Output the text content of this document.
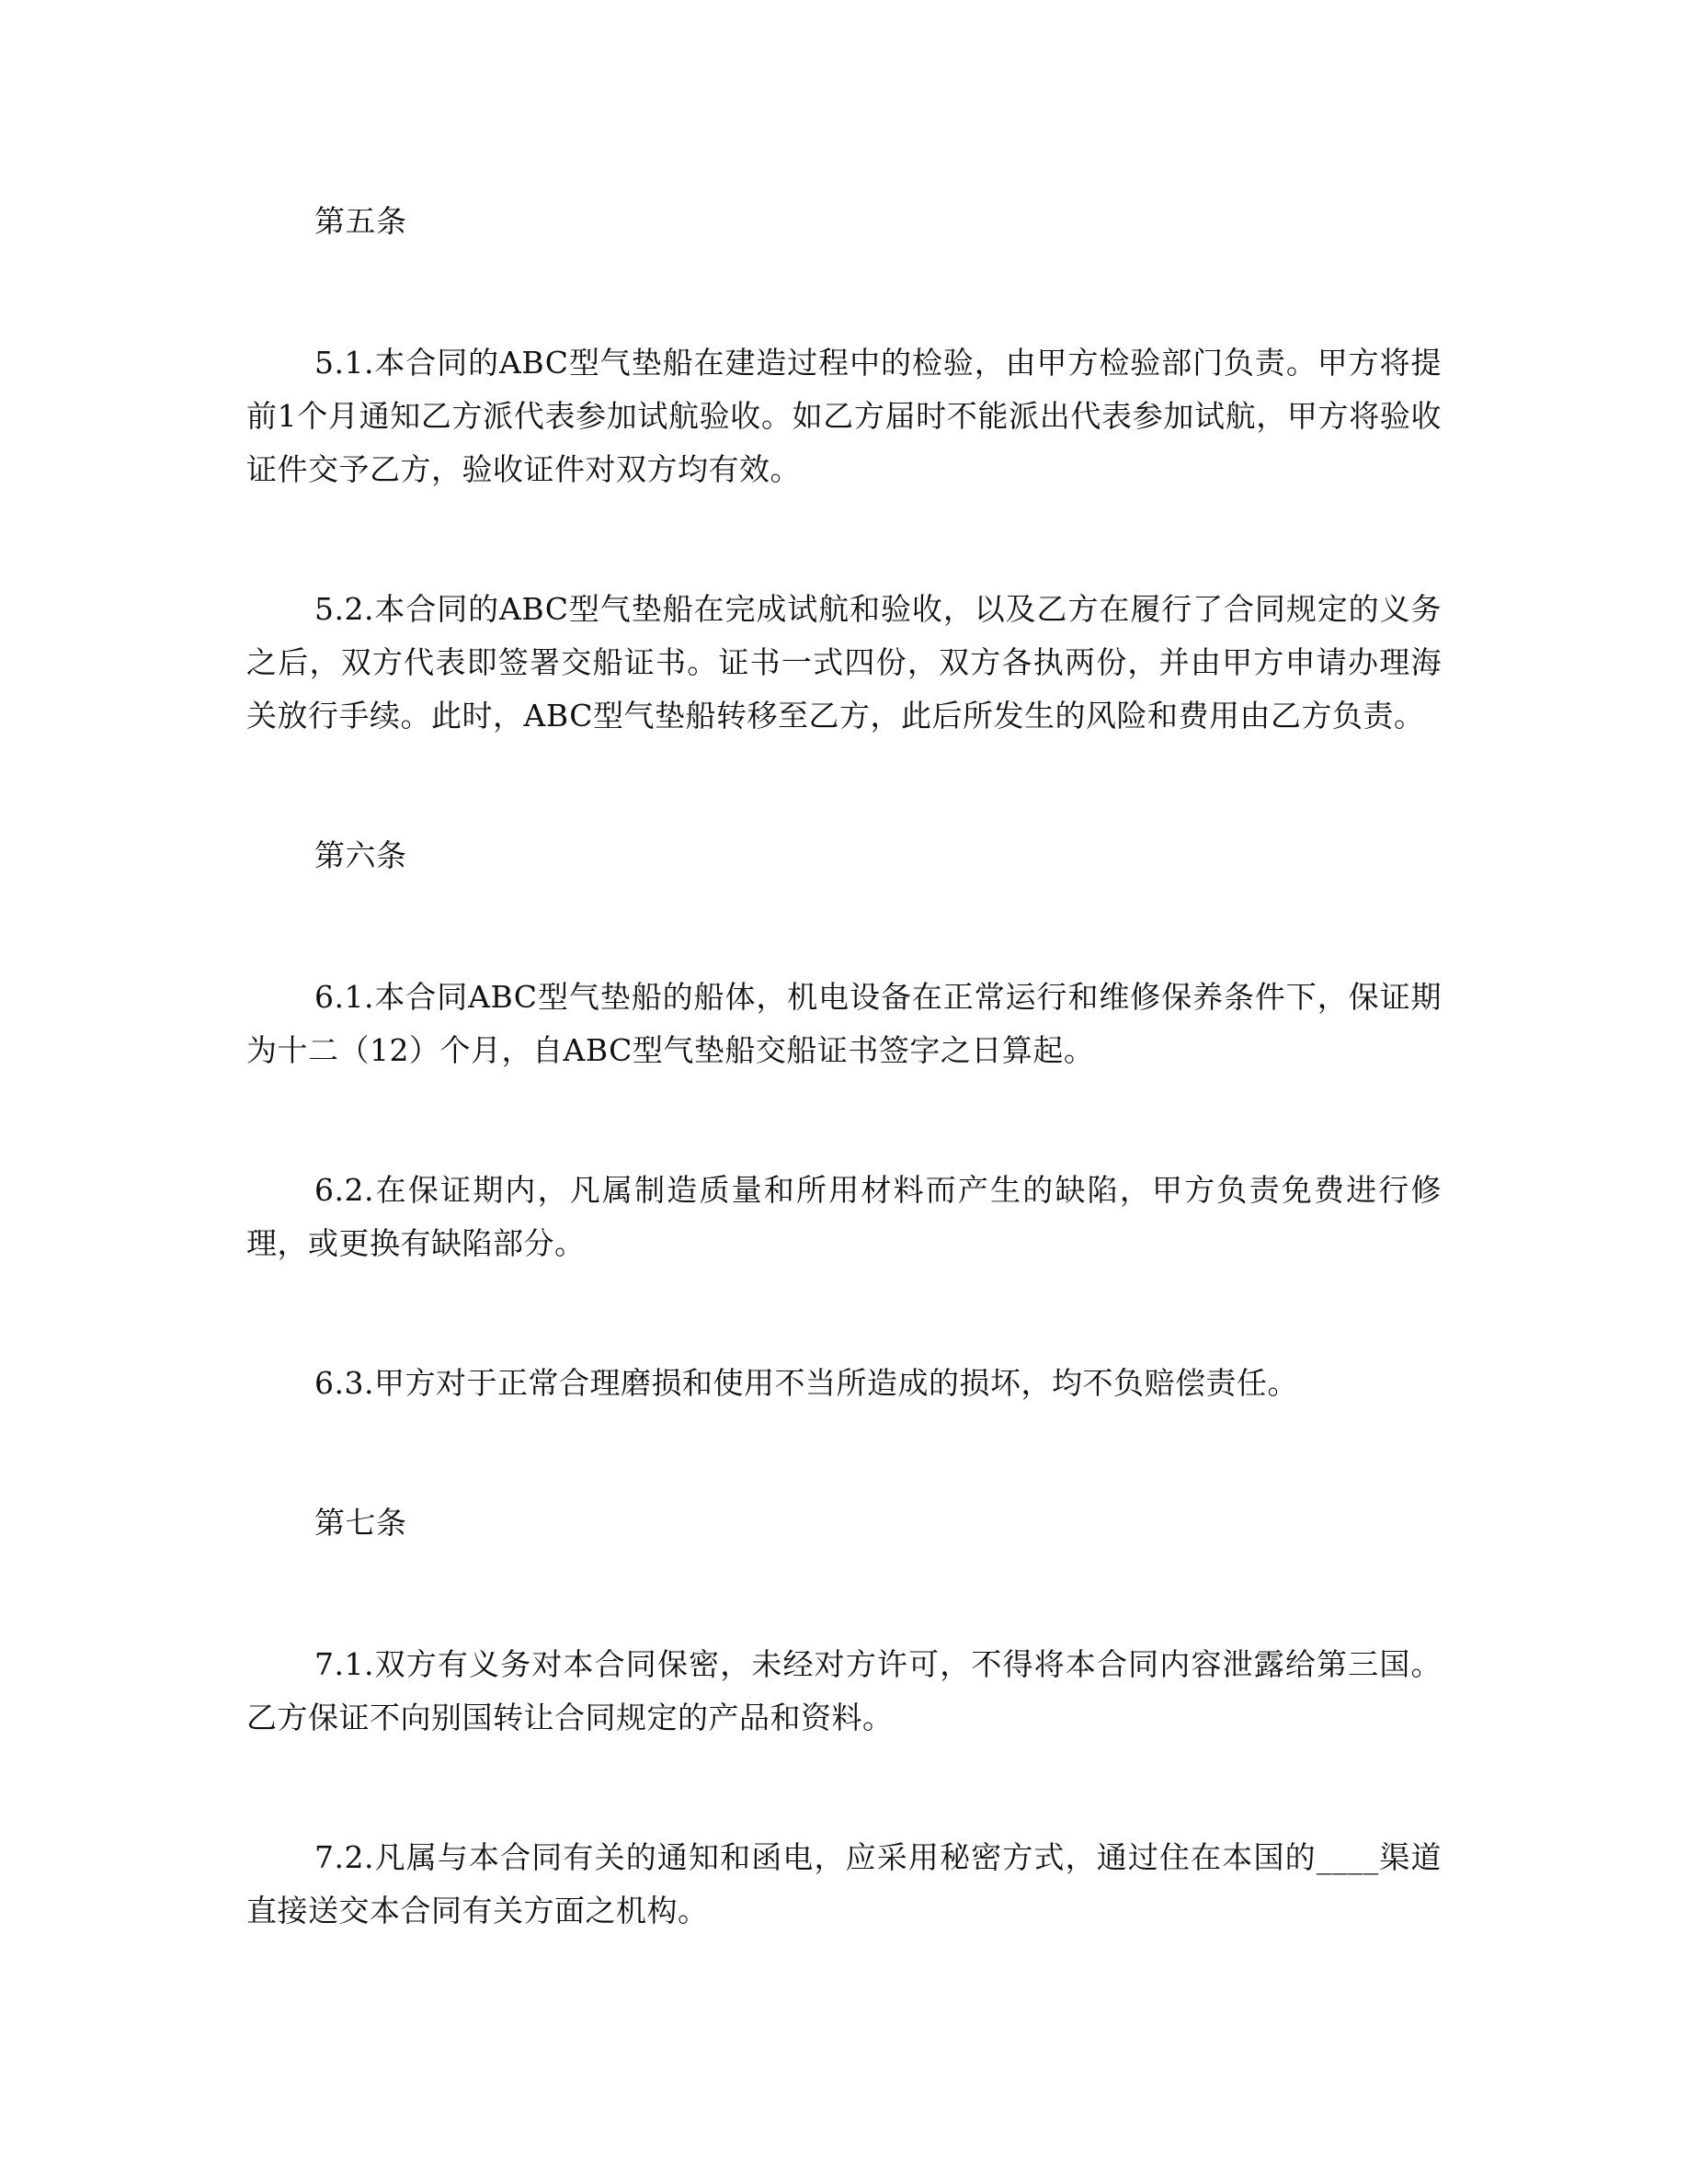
第五条

5.1.本合同的ABC型气垫船在建造过程中的检验，由甲方检验部门负责。甲方将提前1个月通知乙方派代表参加试航验收。如乙方届时不能派出代表参加试航，甲方将验收证件交予乙方，验收证件对双方均有效。

5.2.本合同的ABC型气垫船在完成试航和验收，以及乙方在履行了合同规定的义务之后，双方代表即签署交船证书。证书一式四份，双方各执两份，并由甲方申请办理海关放行手续。此时，ABC型气垫船转移至乙方，此后所发生的风险和费用由乙方负责。

第六条

6.1.本合同ABC型气垫船的船体，机电设备在正常运行和维修保养条件下，保证期为十二（12）个月，自ABC型气垫船交船证书签字之日算起。

6.2.在保证期内，凡属制造质量和所用材料而产生的缺陷，甲方负责免费进行修理，或更换有缺陷部分。

6.3.甲方对于正常合理磨损和使用不当所造成的损坏，均不负赔偿责任。

第七条

7.1.双方有义务对本合同保密，未经对方许可，不得将本合同内容泄露给第三国。乙方保证不向别国转让合同规定的产品和资料。

7.2.凡属与本合同有关的通知和函电，应采用秘密方式，通过住在本国的____渠道直接送交本合同有关方面之机构。
